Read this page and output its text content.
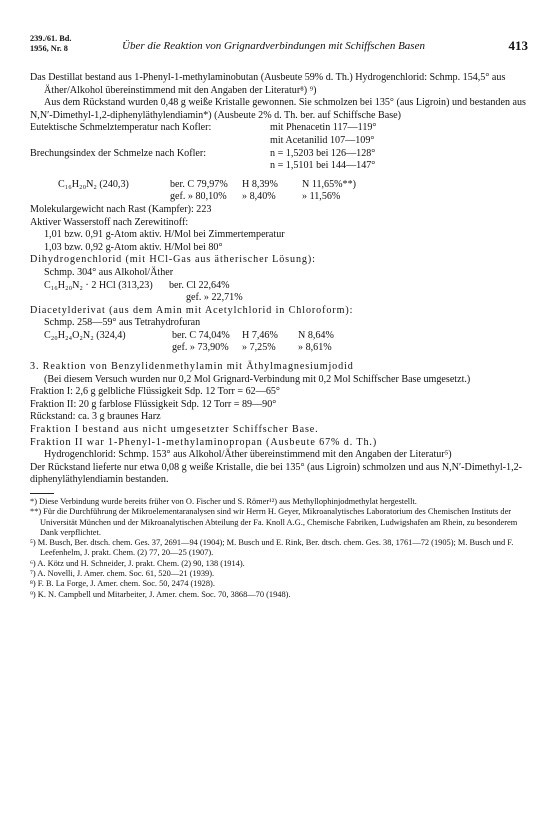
239./61. Bd.
1956, Nr. 8	Über die Reaktion von Grignardverbindungen mit Schiffschen Basen	413

Das Destillat bestand aus 1-Phenyl-1-methylaminobutan (Ausbeute 59% d. Th.) Hydrogenchlorid: Schmp. 154,5° aus Äther/Alkohol übereinstimmend mit den Angaben der Literatur⁸) ⁹)

Aus dem Rückstand wurden 0,48 g weiße Kristalle gewonnen. Sie schmolzen bei 135° (aus Ligroin) und bestanden aus N,N′-Dimethyl-1,2-diphenyläthylendiamin*) (Ausbeute 2% d. Th. ber. auf Schiffsche Base)

Eutektische Schmelztemperatur nach Kofler:	mit Phenacetin 117—119°
mit Acetanilid 107—109°
Brechungsindex der Schmelze nach Kofler:	n = 1,5203 bei 126—128°
n = 1,5101 bei 144—147°
C₁₆H₂₀N₂ (240,3)	ber. C 79,97%	H 8,39%	N 11,65%**)
gef. » 80,10%	» 8,40%	» 11,56%

Molekulargewicht nach Rast (Kampfer): 223

Aktiver Wasserstoff nach Zerewitinoff:

1,01 bzw. 0,91 g-Atom aktiv. H/Mol bei Zimmertemperatur

1,03 bzw. 0,92 g-Atom aktiv. H/Mol bei 80°

Dihydrogenchlorid (mit HCl-Gas aus ätherischer Lösung):

Schmp. 304° aus Alkohol/Äther

C₁₆H₂₀N₂ · 2 HCl (313,23)	ber. Cl 22,64%
gef. » 22,71%

Diacetylderivat (aus dem Amin mit Acetylchlorid in Chloroform):

Schmp. 258—59° aus Tetrahydrofuran

C₂₀H₂₄O₂N₂ (324,4)	ber. C 74,04%	H 7,46%	N 8,64%
gef. » 73,90%	» 7,25%	» 8,61%

3. Reaktion von Benzylidenmethylamin mit Äthylmagnesiumjodid

(Bei diesem Versuch wurden nur 0,2 Mol Grignard-Verbindung mit 0,2 Mol Schiffscher Base umgesetzt.)

Fraktion I: 2,6 g gelbliche Flüssigkeit Sdp. 12 Torr = 62—65°

Fraktion II: 20 g farblose Flüssigkeit Sdp. 12 Torr = 89—90°

Rückstand: ca. 3 g braunes Harz

Fraktion I bestand aus nicht umgesetzter Schiffscher Base.

Fraktion II war 1-Phenyl-1-methylaminopropan (Ausbeute 67% d. Th.)

Hydrogenchlorid: Schmp. 153° aus Alkohol/Äther übereinstimmend mit den Angaben der Literatur⁵)

Der Rückstand lieferte nur etwa 0,08 g weiße Kristalle, die bei 135° (aus Ligroin) schmolzen und aus N,N′-Dimethyl-1,2-diphenyläthylendiamin bestanden.

*) Diese Verbindung wurde bereits früher von O. Fischer und S. Römer¹²) aus Methyllophinjodmethylat hergestellt.

**) Für die Durchführung der Mikroelementaranalysen sind wir Herrn H. Geyer, Mikroanalytisches Laboratorium des Chemischen Instituts der Universität München und der Mikroanalytischen Abteilung der Fa. Knoll A.G., Chemische Fabriken, Ludwigshafen am Rhein, zu besonderem Dank verpflichtet.

⁵) M. Busch, Ber. dtsch. chem. Ges. 37, 2691—94 (1904); M. Busch und E. Rink, Ber. dtsch. chem. Ges. 38, 1761—72 (1905); M. Busch und F. Leefenhelm, J. prakt. Chem. (2) 77, 20—25 (1907).

⁶) A. Kötz und H. Schneider, J. prakt. Chem. (2) 90, 138 (1914).

⁷) A. Novelli, J. Amer. chem. Soc. 61, 520—21 (1939).

⁸) F. B. La Forge, J. Amer. chem. Soc. 50, 2474 (1928).

⁹) K. N. Campbell und Mitarbeiter, J. Amer. chem. Soc. 70, 3868—70 (1948).
